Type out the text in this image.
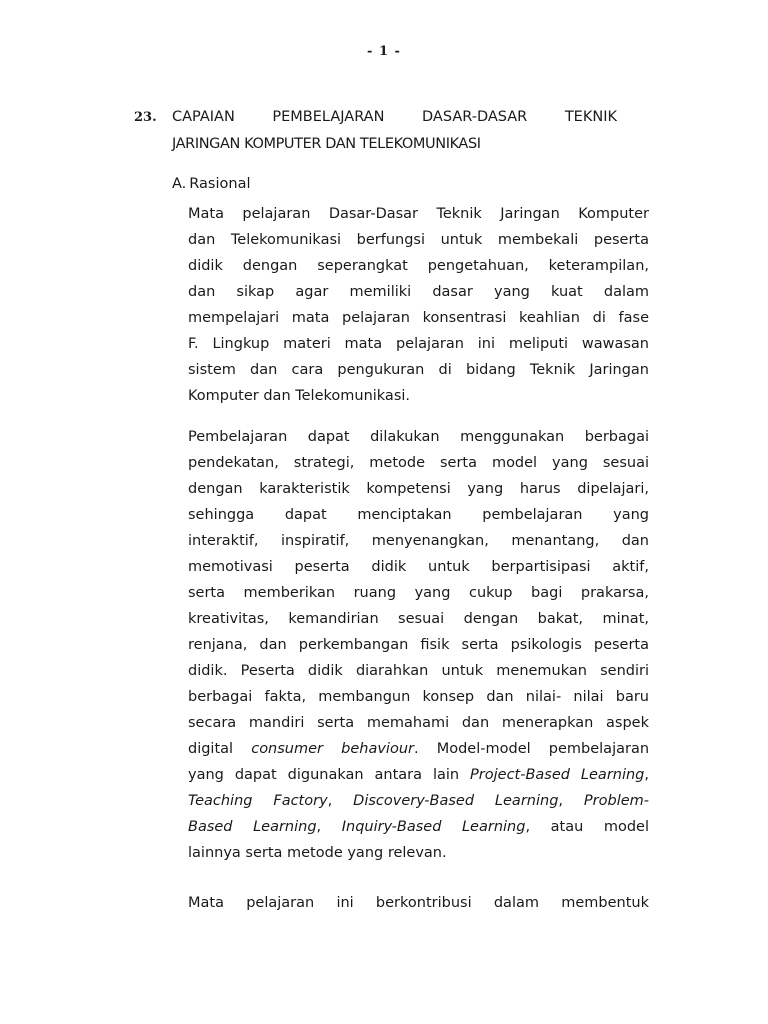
- 1 -
23. CAPAIAN PEMBELAJARAN DASAR-DASAR TEKNIK
JARINGAN KOMPUTER DAN TELEKOMUNIKASI
A. Rasional
Mata pelajaran Dasar-Dasar Teknik Jaringan Komputer
dan Telekomunikasi berfungsi untuk membekali peserta
didik dengan seperangkat pengetahuan, keterampilan,
dan sikap agar memiliki dasar yang kuat dalam
mempelajari mata pelajaran konsentrasi keahlian di fase
F. Lingkup materi mata pelajaran ini meliputi wawasan
sistem dan cara pengukuran di bidang Teknik Jaringan
Komputer dan Telekomunikasi.
Pembelajaran dapat dilakukan menggunakan berbagai
pendekatan, strategi, metode serta model yang sesuai
dengan karakteristik kompetensi yang harus dipelajari,
sehingga dapat menciptakan pembelajaran yang
interaktif, inspiratif, menyenangkan, menantang, dan
memotivasi peserta didik untuk berpartisipasi aktif,
serta memberikan ruang yang cukup bagi prakarsa,
kreativitas, kemandirian sesuai dengan bakat, minat,
renjana, dan perkembangan fisik serta psikologis peserta
didik. Peserta didik diarahkan untuk menemukan sendiri
berbagai fakta, membangun konsep dan nilai- nilai baru
secara mandiri serta memahami dan menerapkan aspek
digital consumer behaviour. Model-model pembelajaran
yang dapat digunakan antara lain Project-Based Learning,
Teaching Factory, Discovery-Based Learning, Problem-
Based Learning, Inquiry-Based Learning, atau model
lainnya serta metode yang relevan.
Mata pelajaran ini berkontribusi dalam membentuk
